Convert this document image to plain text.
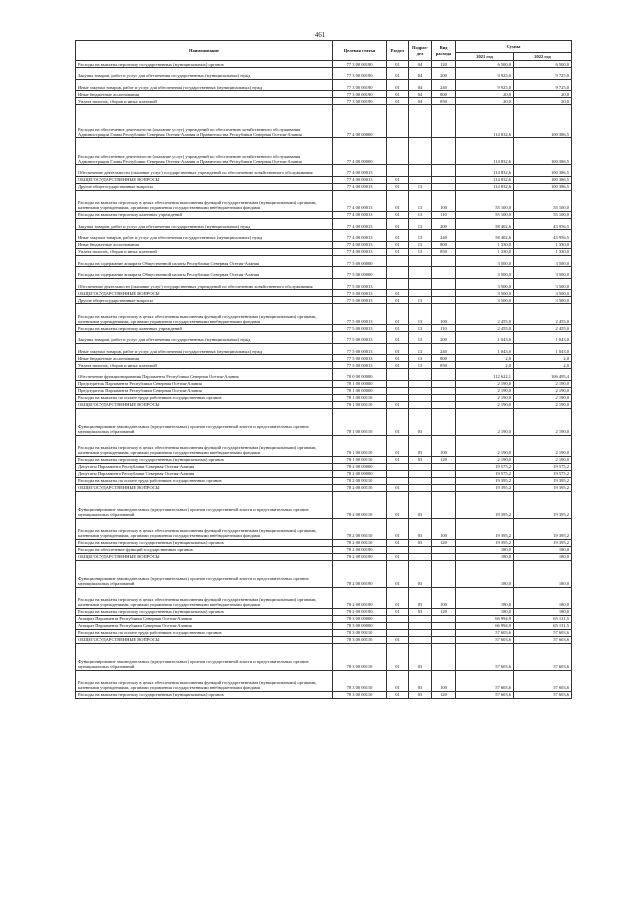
461
Наименование	Целевая статья	Раздел	Подраз-дел	Вид расхода	Сумма	
					2021 год	2022 год
Расходы на выплаты персоналу государственных (муниципальных) органов	77 3 00 00190	01	04	120	6 500,0	6 500,0
Закупка товаров, работ и услуг для обеспечения государственных (муниципальных) нужд	77 3 00 00190	01	04	200	9 925,0	9 725,0
Иные закупки товаров, работ и услуг для обеспечения государственных (муниципальных) нужд	77 3 00 00190	01	04	240	9 925,0	9 725,0
Иные бюджетные ассигнования	77 3 00 00190	01	04	800	20,0	20,0
Уплата налогов, сборов и иных платежей	77 3 00 00190	01	04	850	20,0	20,0
Расходы на обеспечение деятельности (оказание услуг) учреждений по обеспечению хозяйственного обслуживания Администрации Главы Республики Северная Осетия-Алания и Правительства Республики Северная Осетия-Алания	77 4 00 00000				114 832,6	100 386,5
Расходы на обеспечение деятельности (оказание услуг) учреждений по обеспечению хозяйственного обслуживания Администрации Главы Республики Северная Осетия-Алания и Правительства Республики Северная Осетия-Алания	77 4 00 00000				114 832,6	100 386,5
Обеспечение деятельности (оказание услуг) государственных учреждений по обеспечению хозяйственного обслуживания	77 4 00 00013				114 832,6	100 386,5
ОБЩЕГОСУДАРСТВЕННЫЕ ВОПРОСЫ	77 4 00 00013	01			114 832,6	100 386,5
Другие общегосударственные вопросы	77 4 00 00013	01	13		114 832,6	100 386,5
Расходы на выплаты персоналу в целях обеспечения выполнения функций государственными (муниципальными) органами, казенными учреждениями, органами управления государственными внебюджетными фондами	77 4 00 00013	01	13	100	55 100,0	55 100,0
Расходы на выплаты персоналу казенных учреждений	77 4 00 00013	01	13	110	55 100,0	55 100,0
Закупка товаров, работ и услуг для обеспечения государственных (муниципальных) нужд	77 4 00 00013	01	13	200	58 402,6	43 956,5
Иные закупки товаров, работ и услуг для обеспечения государственных (муниципальных) нужд	77 4 00 00013	01	13	240	58 402,6	43 956,5
Иные бюджетные ассигнования	77 4 00 00013	01	13	800	1 330,0	1 330,0
Уплата налогов, сборов и иных платежей	77 4 00 00013	01	13	850	1 330,0	1 330,0
Расходы на содержание аппарата Общественной палаты Республики Северная Осетия-Алания	77 5 00 00000				3 500,0	3 500,0
Расходы на содержание аппарата Общественной палаты Республики Северная Осетия-Алания	77 5 00 00000				3 500,0	3 500,0
Обеспечение деятельности (оказание услуг) государственных учреждений по обеспечению хозяйственного обслуживания	77 5 00 00013				3 500,0	3 500,0
ОБЩЕГОСУДАРСТВЕННЫЕ ВОПРОСЫ	77 5 00 00013	01			3 500,0	3 500,0
Другие общегосударственные вопросы	77 5 00 00013	01	13		3 500,0	3 500,0
Расходы на выплаты персоналу в целях обеспечения выполнения функций государственными (муниципальными) органами, казенными учреждениями, органами управления государственными внебюджетными фондами	77 5 00 00013	01	13	100	2 455,0	2 455,0
Расходы на выплаты персоналу казенных учреждений	77 5 00 00013	01	13	110	2 455,0	2 455,0
Закупка товаров, работ и услуг для обеспечения государственных (муниципальных) нужд	77 5 00 00013	01	13	200	1 043,0	1 043,0
Иные закупки товаров, работ и услуг для обеспечения государственных (муниципальных) нужд	77 5 00 00013	01	13	240	1 043,0	1 043,0
Иные бюджетные ассигнования	77 5 00 00013	01	13	800	2,0	2,0
Уплата налогов, сборов и иных платежей	77 5 00 00013	01	13	850	2,0	2,0
Обеспечение функционирования Парламента Республики Северная Осетия-Алания	78 0 00 00000				112 622,1	106 495,4
Председатель Парламента Республики Северная Осетия-Алания	78 1 00 00000				2 190,0	2 190,0
Председатель Парламента Республики Северная Осетия-Алания	78 1 00 00000				2 190,0	2 190,0
Расходы на выплаты по оплате труда работников государственных органов	78 1 00 00110				2 190,0	2 190,0
ОБЩЕГОСУДАРСТВЕННЫЕ ВОПРОСЫ	78 1 00 00110	01			2 190,0	2 190,0
Функционирование законодательных (представительных) органов государственной власти и представительных органов муниципальных образований	78 1 00 00110	01	03		2 190,0	2 190,0
Расходы на выплаты персоналу в целях обеспечения выполнения функций государственными (муниципальными) органами, казенными учреждениями, органами управления государственными внебюджетными фондами	78 1 00 00110	01	03	100	2 190,0	2 190,0
Расходы на выплаты персоналу государственных (муниципальных) органов	78 1 00 00110	01	03	120	2 190,0	2 190,0
Депутаты Парламента Республики Северная Осетия-Алания	78 2 00 00000				19 575,2	19 575,2
Депутаты Парламента Республики Северная Осетия-Алания	78 2 00 00000				19 575,2	19 575,2
Расходы на выплаты по оплате труда работников государственных органов	78 2 00 00110				19 395,2	19 395,2
ОБЩЕГОСУДАРСТВЕННЫЕ ВОПРОСЫ	78 2 00 00110	01			19 395,2	19 395,2
Функционирование законодательных (представительных) органов государственной власти и представительных органов муниципальных образований	78 2 00 00110	01	03		19 395,2	19 395,2
Расходы на выплаты персоналу в целях обеспечения выполнения функций государственными (муниципальными) органами, казенными учреждениями, органами управления государственными внебюджетными фондами	78 2 00 00110	01	03	100	19 395,2	19 395,2
Расходы на выплаты персоналу государственных (муниципальных) органов	78 2 00 00110	01	03	120	19 395,2	19 395,2
Расходы на обеспечение функций государственных органов	78 2 00 00190				180,0	180,0
ОБЩЕГОСУДАРСТВЕННЫЕ ВОПРОСЫ	78 2 00 00190	01			180,0	180,0
Функционирование законодательных (представительных) органов государственной власти и представительных органов муниципальных образований	78 2 00 00190	01	03		180,0	180,0
Расходы на выплаты персоналу в целях обеспечения выполнения функций государственными (муниципальными) органами, казенными учреждениями, органами управления государственными внебюджетными фондами	78 2 00 00190	01	03	100	180,0	180,0
Расходы на выплаты персоналу государственных (муниципальных) органов	78 2 00 00190	01	03	120	180,0	180,0
Аппарат Парламента Республики Северная Осетия-Алания	78 3 00 00000				66 994,9	65 131,5
Аппарат Парламента Республики Северная Осетия-Алания	78 3 00 00000				66 994,9	65 131,5
Расходы на выплаты по оплате труда работников государственных органов	78 3 00 00110				57 603,6	57 603,6
ОБЩЕГОСУДАРСТВЕННЫЕ ВОПРОСЫ	78 3 00 00110	01			57 603,6	57 603,6
Функционирование законодательных (представительных) органов государственной власти и представительных органов муниципальных образований	78 3 00 00110	01	03		57 603,6	57 603,6
Расходы на выплаты персоналу в целях обеспечения выполнения функций государственными (муниципальными) органами, казенными учреждениями, органами управления государственными внебюджетными фондами	78 3 00 00110	01	03	100	57 603,6	57 603,6
Расходы на выплаты персоналу государственных (муниципальных) органов	78 3 00 00110	01	03	120	57 603,6	57 603,6
